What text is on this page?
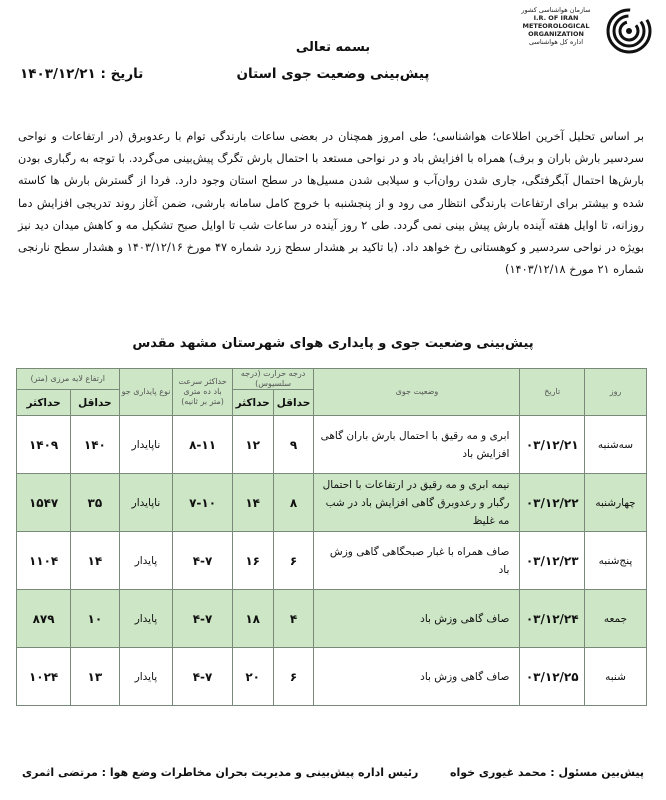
سازمان هواشناسی کشور
I.R. OF IRAN
METEOROLOGICAL
ORGANIZATION
اداره کل هواشناسی
بسمه تعالی
پیش‌بینی وضعیت جوی استان
تاریخ : ۱۴۰۳/۱۲/۲۱
بر اساس تحلیل آخرین اطلاعات هواشناسی؛ طی امروز همچنان در بعضی ساعات بارندگی توام با رعدوبرق (در ارتفاعات و نواحی سردسیر بارش باران و برف) همراه با افزایش باد و در نواحی مستعد با احتمال بارش تگرگ پیش‌بینی می‌گردد. با توجه به رگباری بودن بارش‌ها احتمال آبگرفتگی، جاری شدن روان‌آب و سیلابی شدن مسیل‌ها در سطح استان وجود دارد. فردا از گسترش بارش ها کاسته شده و بیشتر برای ارتفاعات بارندگی انتظار می رود و از پنجشنبه با خروج کامل سامانه بارشی، ضمن آغاز روند تدریجی افزایش دما روزانه، تا اوایل هفته آینده بارش پیش بینی نمی گردد. طی ۲ روز آینده در ساعات شب تا اوایل صبح تشکیل مه و کاهش میدان دید نیز بویژه در نواحی سردسیر و کوهستانی رخ خواهد داد. (با تاکید بر هشدار سطح زرد شماره ۴۷ مورخ ۱۴۰۳/۱۲/۱۶ و هشدار سطح نارنجی شماره ۲۱ مورخ ۱۴۰۳/۱۲/۱۸)
پیش‌بینی وضعیت جوی و پایداری هوای شهرستان مشهد مقدس
روز	تاریخ	وضعیت جوی	درجه حرارت (درجه سلسیوس)		حداکثر سرعت باد ده متری (متر بر ثانیه)	نوع پایداری جو	ارتفاع لایه مرزی (متر)	
			حداقل	حداکثر			حداقل	حداکثر
سه‌شنبه	۰۳/۱۲/۲۱	ابری و مه رقیق با احتمال بارش باران گاهی افزایش باد	۹	۱۲	۸-۱۱	ناپایدار	۱۴۰	۱۴۰۹
چهارشنبه	۰۳/۱۲/۲۲	نیمه ابری و مه رقیق در ارتفاعات با احتمال رگبار و رعدوبرق گاهی افزایش باد در شب مه غلیظ	۸	۱۴	۷-۱۰	ناپایدار	۳۵	۱۵۴۷
پنج‌شنبه	۰۳/۱۲/۲۳	صاف همراه با غبار صبحگاهی گاهی وزش باد	۶	۱۶	۴-۷	پایدار	۱۴	۱۱۰۴
جمعه	۰۳/۱۲/۲۴	صاف گاهی وزش باد	۴	۱۸	۴-۷	پایدار	۱۰	۸۷۹
شنبه	۰۳/۱۲/۲۵	صاف گاهی وزش باد	۶	۲۰	۴-۷	پایدار	۱۳	۱۰۲۴
پیش‌بین مسئول : محمد غیوری خواه
رئیس اداره پیش‌بینی و مدیریت بحران مخاطرات وضع هوا : مرتضی اثمری
